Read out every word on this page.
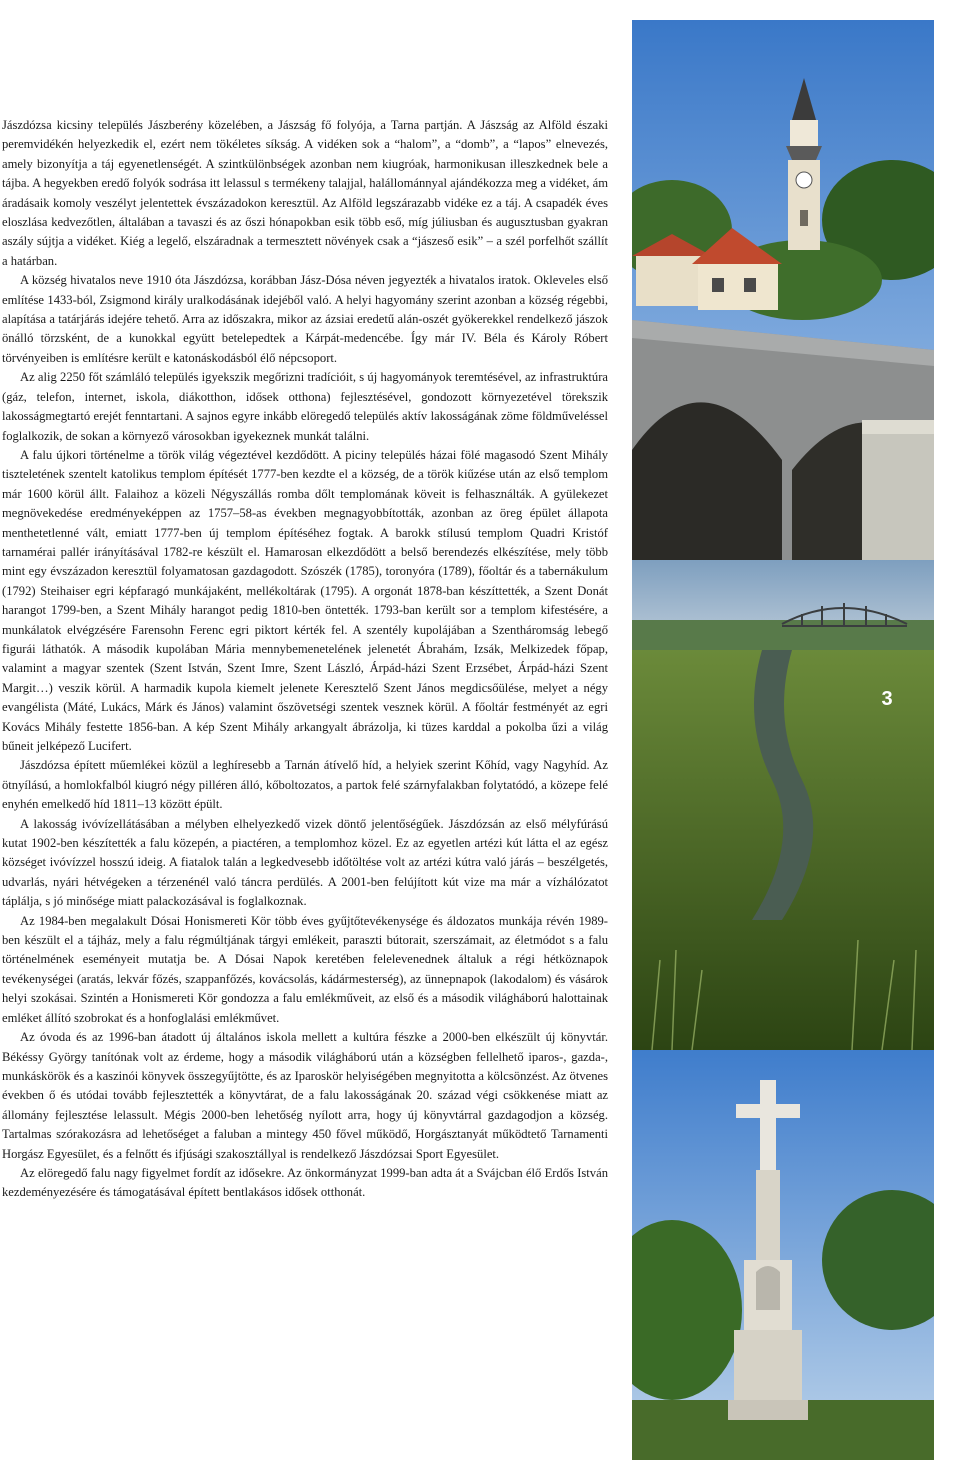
Jászdózsa kicsiny település Jászberény közelében, a Jászság fő folyója, a Tarna partján. A Jászság az Alföld északi peremvidékén helyezkedik el, ezért nem tökéletes síkság. A vidéken sok a “halom”, a “domb”, a “lapos” elnevezés, amely bizonyítja a táj egyenetlenségét. A szintkülönbségek azonban nem kiugróak, harmonikusan illeszkednek bele a tájba. A hegyekben eredő folyók sodrása itt lelassul s termékeny talajjal, halállománnyal ajándékozza meg a vidéket, ám áradásaik komoly veszélyt jelentettek évszázadokon keresztül. Az Alföld legszárazabb vidéke ez a táj. A csapadék éves eloszlása kedvezőtlen, általában a tavaszi és az őszi hónapokban esik több eső, míg júliusban és augusztusban gyakran aszály sújtja a vidéket. Kiég a legelő, elszáradnak a termesztett növények csak a “jászeső esik” – a szél porfelhőt szállít a határban.

A község hivatalos neve 1910 óta Jászdózsa, korábban Jász-Dósa néven jegyezték a hivatalos iratok. Okleveles első említése 1433-ból, Zsigmond király uralkodásának idejéből való. A helyi hagyomány szerint azonban a község régebbi, alapítása a tatárjárás idejére tehető. Arra az időszakra, mikor az ázsiai eredetű alán-oszét gyökerekkel rendelkező jászok önálló törzsként, de a kunokkal együtt betelepedtek a Kárpát-medencébe. Így már IV. Béla és Károly Róbert törvényeiben is említésre került e katonáskodásból élő népcsoport.

Az alig 2250 főt számláló település igyekszik megőrizni tradícióit, s új hagyományok teremtésével, az infrastruktúra (gáz, telefon, internet, iskola, diákotthon, idősek otthona) fejlesztésével, gondozott környezetével törekszik lakosságmegtartó erejét fenntartani. A sajnos egyre inkább elöregedő település aktív lakosságának zöme földműveléssel foglalkozik, de sokan a környező városokban igyekeznek munkát találni.

A falu újkori történelme a török világ végeztével kezdődött. A piciny település házai fölé magasodó Szent Mihály tiszteletének szentelt katolikus templom építését 1777-ben kezdte el a község, de a török kiűzése után az első templom már 1600 körül állt. Falaihoz a közeli Négyszállás romba dőlt templomának köveit is felhasználták. A gyülekezet megnövekedése eredményeképpen az 1757–58-as években megnagyobbították, azonban az öreg épület állapota menthetetlenné vált, emiatt 1777-ben új templom építéséhez fogtak. A barokk stílusú templom Quadri Kristóf tarnamérai pallér irányításával 1782-re készült el. Hamarosan elkezdődött a belső berendezés elkészítése, mely több mint egy évszázadon keresztül folyamatosan gazdagodott. Szószék (1785), toronyóra (1789), főoltár és a tabernákulum (1792) Steihaiser egri képfaragó munkájaként, mellékoltárak (1795). A orgonát 1878-ban készíttették, a Szent Donát harangot 1799-ben, a Szent Mihály harangot pedig 1810-ben öntették. 1793-ban került sor a templom kifestésére, a munkálatok elvégzésére Farensohn Ferenc egri piktort kérték fel. A szentély kupolájában a Szentháromság lebegő figurái láthatók. A második kupolában Mária mennybemenetelének jelenetét Ábrahám, Izsák, Melkizedek főpap, valamint a magyar szentek (Szent István, Szent Imre, Szent László, Árpád-házi Szent Erzsébet, Árpád-házi Szent Margit…) veszik körül. A harmadik kupola kiemelt jelenete Keresztelő Szent János megdicsőülése, melyet a négy evangélista (Máté, Lukács, Márk és János) valamint őszövetségi szentek vesznek körül. A főoltár festményét az egri Kovács Mihály festette 1856-ban. A kép Szent Mihály arkangyalt ábrázolja, ki tüzes karddal a pokolba űzi a világ bűneit jelképező Lucifert.

Jászdózsa épített műemlékei közül a leghíresebb a Tarnán átívelő híd, a helyiek szerint Kőhíd, vagy Nagyhíd. Az ötnyílású, a homlokfalból kiugró négy pilléren álló, kőboltozatos, a partok felé szárnyfalakban folytatódó, a közepe felé enyhén emelkedő híd 1811–13 között épült.

A lakosság ivóvízellátásában a mélyben elhelyezkedő vizek döntő jelentőségűek. Jászdózsán az első mélyfúrású kutat 1902-ben készítették a falu közepén, a piactéren, a templomhoz közel. Ez az egyetlen artézi kút látta el az egész községet ivóvízzel hosszú ideig. A fiatalok talán a legkedvesebb időtöltése volt az artézi kútra való járás – beszélgetés, udvarlás, nyári hétvégeken a térzenénél való táncra perdülés. A 2001-ben felújított kút vize ma már a vízhálózatot táplálja, s jó minősége miatt palackozásával is foglalkoznak.

Az 1984-ben megalakult Dósai Honismereti Kör több éves gyűjtőtevékenysége és áldozatos munkája révén 1989-ben készült el a tájház, mely a falu régmúltjának tárgyi emlékeit, paraszti bútorait, szerszámait, az életmódot s a falu történelmének eseményeit mutatja be. A Dósai Napok keretében felelevenednek általuk a régi hétköznapok tevékenységei (aratás, lekvár főzés, szappanfőzés, kovácsolás, kádármesterség), az ünnepnapok (lakodalom) és vásárok helyi szokásai. Szintén a Honismereti Kör gondozza a falu emlékműveit, az első és a második világháború halottainak emléket állító szobrokat és a honfoglalási emlékművet.

Az óvoda és az 1996-ban átadott új általános iskola mellett a kultúra fészke a 2000-ben elkészült új könyvtár. Békéssy György tanítónak volt az érdeme, hogy a második világháború után a községben fellelhető iparos-, gazda-, munkáskörök és a kaszinói könyvek összegyűjtötte, és az Iparoskör helyiségében megnyitotta a kölcsönzést. Az ötvenes években ő és utódai tovább fejlesztették a könyvtárat, de a falu lakosságának 20. század végi csökkenése miatt az állomány fejlesztése lelassult. Mégis 2000-ben lehetőség nyílott arra, hogy új könyvtárral gazdagodjon a község. Tartalmas szórakozásra ad lehetőséget a faluban a mintegy 450 fővel működő, Horgásztanyát működtető Tarnamenti Horgász Egyesület, és a felnőtt és ifjúsági szakosztállyal is rendelkező Jászdózsai Sport Egyesület.

Az elöregedő falu nagy figyelmet fordít az idősekre. Az önkormányzat 1999-ban adta át a Svájcban élő Erdős István kezdeményezésére és támogatásával épített bentlakásos idősek otthonát.

3
